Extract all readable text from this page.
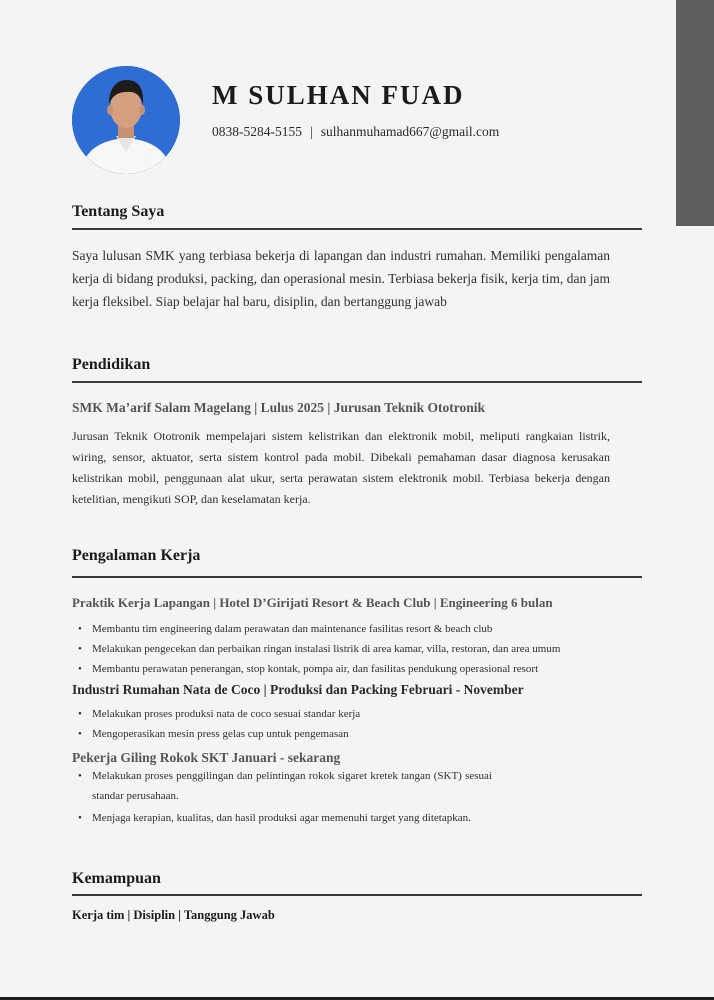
M SULHAN FUAD
0838-5284-5155 | sulhanmuhamad667@gmail.com
Tentang Saya
Saya lulusan SMK yang terbiasa bekerja di lapangan dan industri rumahan. Memiliki pengalaman kerja di bidang produksi, packing, dan operasional mesin. Terbiasa bekerja fisik, kerja tim, dan jam kerja fleksibel. Siap belajar hal baru, disiplin, dan bertanggung jawab
Pendidikan
SMK Ma’arif Salam Magelang | Lulus 2025 | Jurusan Teknik Ototronik
Jurusan Teknik Ototronik mempelajari sistem kelistrikan dan elektronik mobil, meliputi rangkaian listrik, wiring, sensor, aktuator, serta sistem kontrol pada mobil. Dibekali pemahaman dasar diagnosa kerusakan kelistrikan mobil, penggunaan alat ukur, serta perawatan sistem elektronik mobil. Terbiasa bekerja dengan ketelitian, mengikuti SOP, dan keselamatan kerja.
Pengalaman Kerja
Praktik Kerja Lapangan | Hotel D’Girijati Resort & Beach Club | Engineering 6 bulan
• Membantu tim engineering dalam perawatan dan maintenance fasilitas resort & beach club
• Melakukan pengecekan dan perbaikan ringan instalasi listrik di area kamar, villa, restoran, dan area umum
• Membantu perawatan penerangan, stop kontak, pompa air, dan fasilitas pendukung operasional resort
Industri Rumahan Nata de Coco | Produksi dan Packing Februari - November
• Melakukan proses produksi nata de coco sesuai standar kerja
• Mengoperasikan mesin press gelas cup untuk pengemasan
Pekerja Giling Rokok SKT Januari - sekarang
• Melakukan proses penggilingan dan pelintingan rokok sigaret kretek tangan (SKT) sesuai standar perusahaan.
• Menjaga kerapian, kualitas, dan hasil produksi agar memenuhi target yang ditetapkan.
Kemampuan
Kerja tim | Disiplin | Tanggung Jawab
